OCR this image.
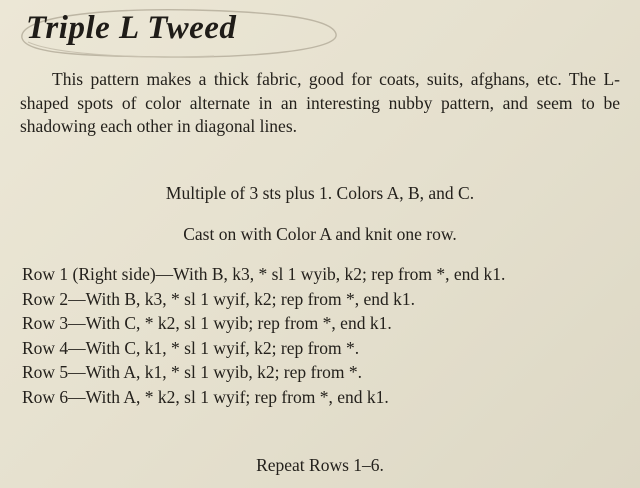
Triple L Tweed

This pattern makes a thick fabric, good for coats, suits, afghans, etc. The L-shaped spots of color alternate in an interesting nubby pattern, and seem to be shadowing each other in diagonal lines.

Multiple of 3 sts plus 1. Colors A, B, and C.

Cast on with Color A and knit one row.

Row 1 (Right side)—With B, k3, * sl 1 wyib, k2; rep from *, end k1.
Row 2—With B, k3, * sl 1 wyif, k2; rep from *, end k1.
Row 3—With C, * k2, sl 1 wyib; rep from *, end k1.
Row 4—With C, k1, * sl 1 wyif, k2; rep from *.
Row 5—With A, k1, * sl 1 wyib, k2; rep from *.
Row 6—With A, * k2, sl 1 wyif; rep from *, end k1.

Repeat Rows 1–6.
